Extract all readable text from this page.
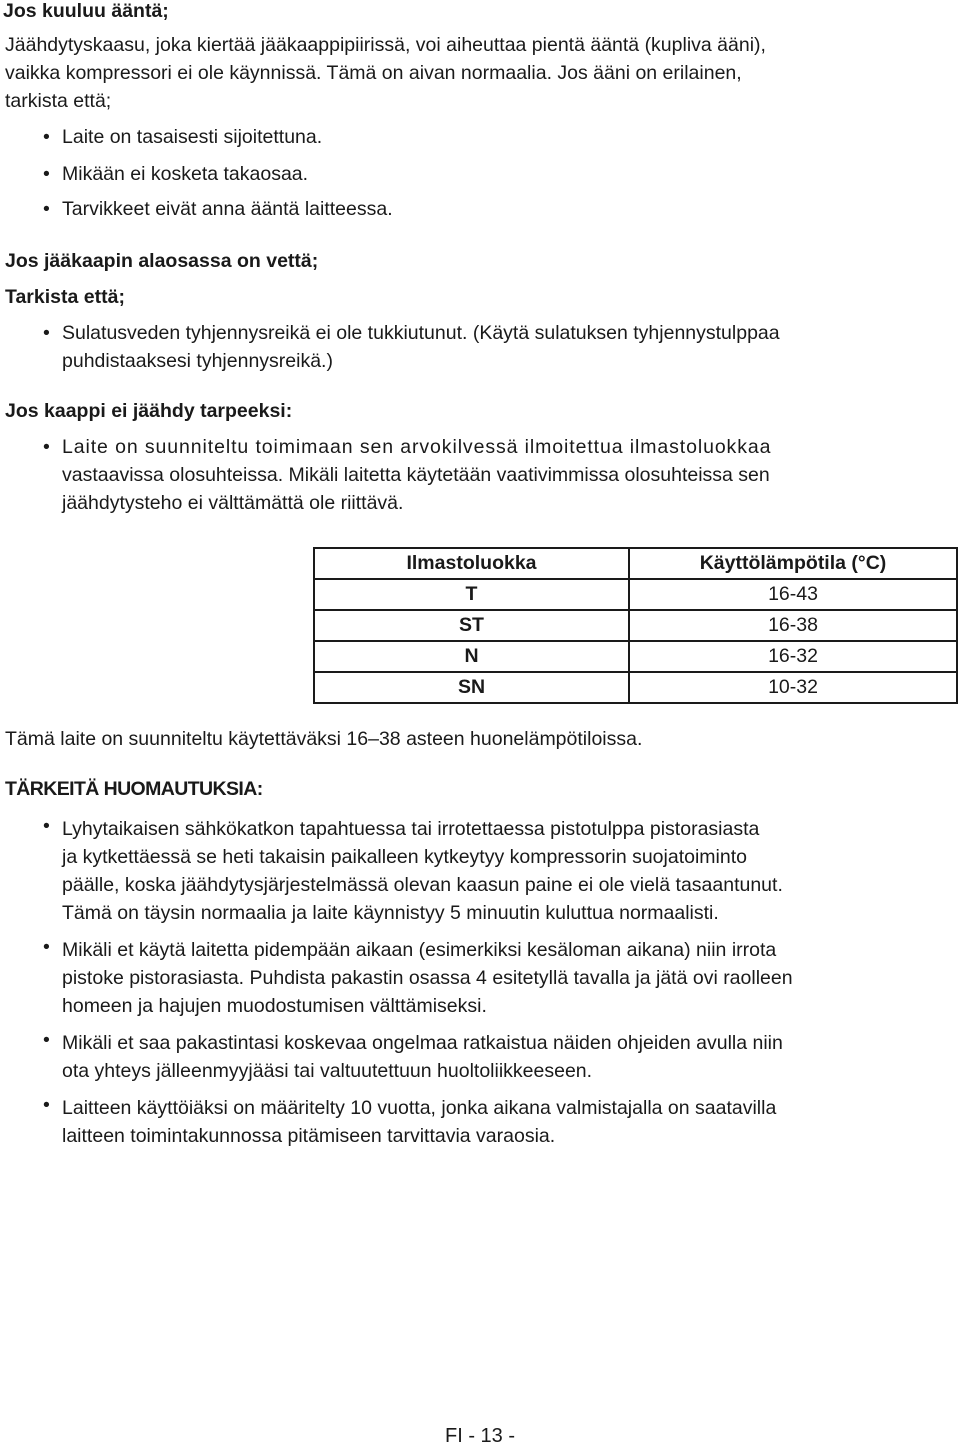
Jos kuuluu ääntä;
Jäähdytyskaasu, joka kiertää jääkaappipiirissä, voi aiheuttaa pientä ääntä (kupliva ääni),
vaikka kompressori ei ole käynnissä. Tämä on aivan normaalia. Jos ääni on erilainen,
tarkista että;
•
Laite on tasaisesti sijoitettuna.
•
Mikään ei kosketa takaosaa.
•
Tarvikkeet eivät anna ääntä laitteessa.
Jos jääkaapin alaosassa on vettä;
Tarkista että;
•
Sulatusveden tyhjennysreikä ei ole tukkiutunut. (Käytä sulatuksen tyhjennystulppaa
puhdistaaksesi tyhjennysreikä.)
Jos kaappi ei jäähdy tarpeeksi:
•
Laite on suunniteltu toimimaan sen arvokilvessä ilmoitettua ilmastoluokkaa
vastaavissa olosuhteissa. Mikäli laitetta käytetään vaativimmissa olosuhteissa sen
jäähdytysteho ei välttämättä ole riittävä.
Ilmastoluokka	Käyttölämpötila (°C)
T	16-43
ST	16-38
N	16-32
SN	10-32
Tämä laite on suunniteltu käytettäväksi 16–38 asteen huonelämpötiloissa.
TÄRKEITÄ HUOMAUTUKSIA:
•
Lyhytaikaisen sähkökatkon tapahtuessa tai irrotettaessa pistotulppa pistorasiasta
ja kytkettäessä se heti takaisin paikalleen kytkeytyy kompressorin suojatoiminto
päälle, koska jäähdytysjärjestelmässä olevan kaasun paine ei ole vielä tasaantunut.
Tämä on täysin normaalia ja laite käynnistyy 5 minuutin kuluttua normaalisti.
•
Mikäli et käytä laitetta pidempään aikaan (esimerkiksi kesäloman aikana) niin irrota
pistoke pistorasiasta. Puhdista pakastin osassa 4 esitetyllä tavalla ja jätä ovi raolleen
homeen ja hajujen muodostumisen välttämiseksi.
•
Mikäli et saa pakastintasi koskevaa ongelmaa ratkaistua näiden ohjeiden avulla niin
ota yhteys jälleenmyyjääsi tai valtuutettuun huoltoliikkeeseen.
•
Laitteen käyttöiäksi on määritelty 10 vuotta, jonka aikana valmistajalla on saatavilla
laitteen toimintakunnossa pitämiseen tarvittavia varaosia.
FI - 13 -
